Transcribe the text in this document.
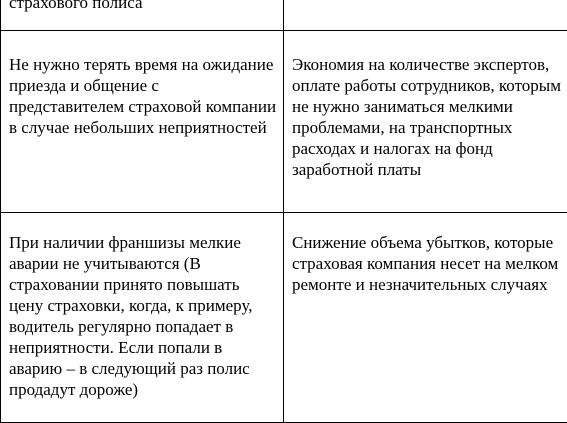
страхового полиса	
Не нужно терять время на ожидание приезда и общение с представителем страховой компании в случае небольших неприятностей	Экономия на количестве экспертов, оплате работы сотрудников, которым не нужно заниматься мелкими проблемами, на транспортных расходах и налогах на фонд заработной платы
При наличии франшизы мелкие аварии не учитываются (В страховании принято повышать цену страховки, когда, к примеру, водитель регулярно попадает в неприятности. Если попали в аварию – в следующий раз полис продадут дороже)	Снижение объема убытков, которые страховая компания несет на мелком ремонте и незначительных случаях
